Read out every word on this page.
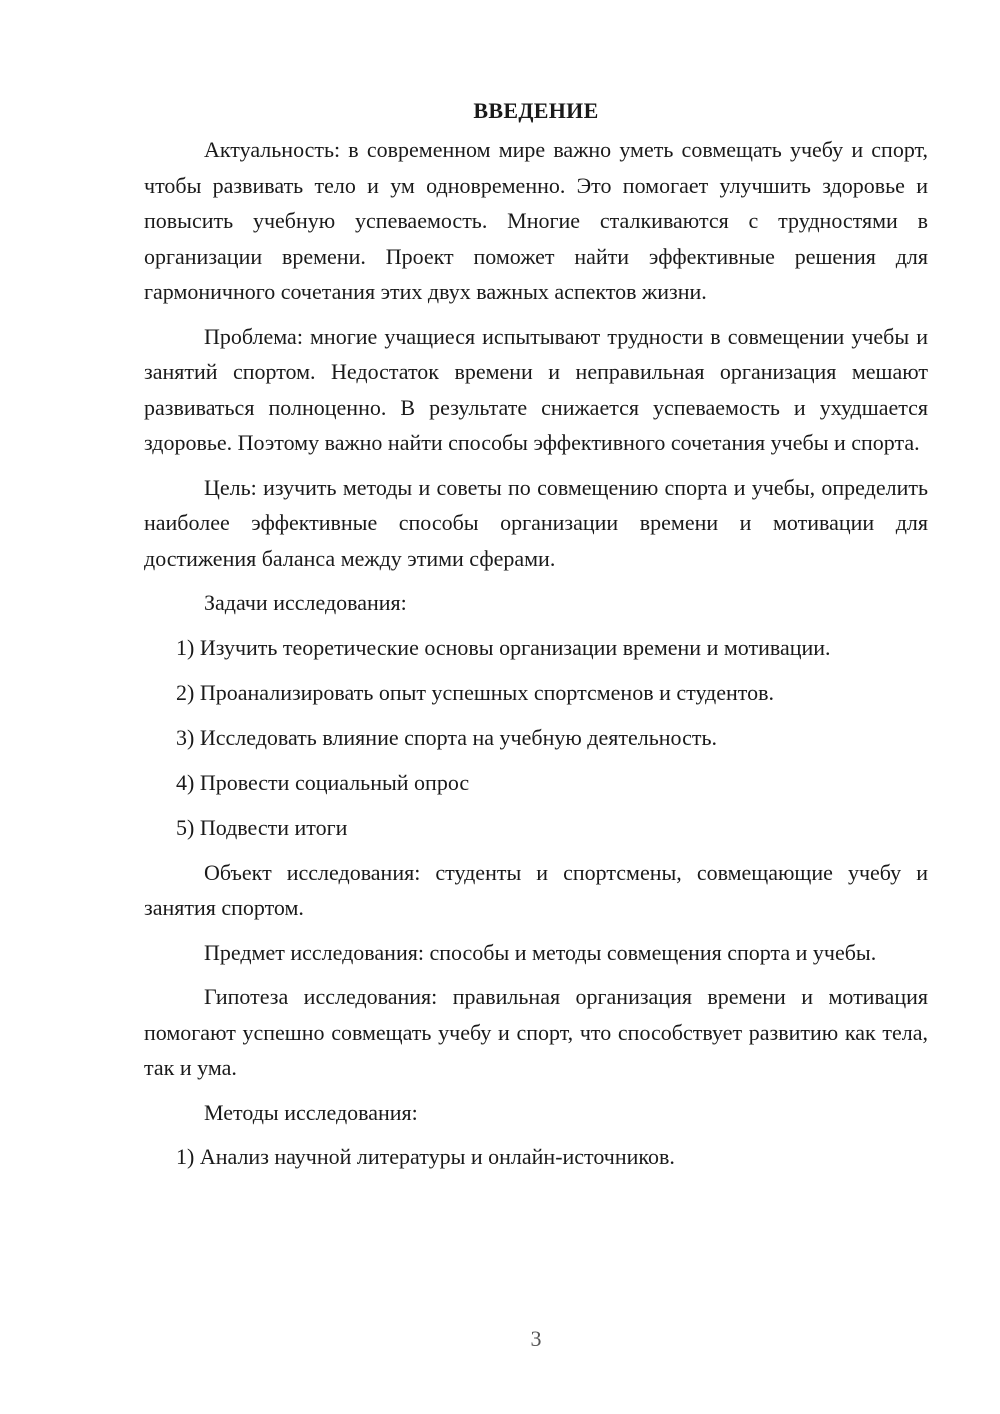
ВВЕДЕНИЕ

Актуальность: в современном мире важно уметь совмещать учебу и спорт, чтобы развивать тело и ум одновременно. Это помогает улучшить здоровье и повысить учебную успеваемость. Многие сталкиваются с трудностями в организации времени. Проект поможет найти эффективные решения для гармоничного сочетания этих двух важных аспектов жизни.

Проблема: многие учащиеся испытывают трудности в совмещении учебы и занятий спортом. Недостаток времени и неправильная организация мешают развиваться полноценно. В результате снижается успеваемость и ухудшается здоровье. Поэтому важно найти способы эффективного сочетания учебы и спорта.

Цель: изучить методы и советы по совмещению спорта и учебы, определить наиболее эффективные способы организации времени и мотивации для достижения баланса между этими сферами.

Задачи исследования:

1) Изучить теоретические основы организации времени и мотивации.
2) Проанализировать опыт успешных спортсменов и студентов.
3) Исследовать влияние спорта на учебную деятельность.
4) Провести социальный опрос
5) Подвести итоги

Объект исследования: студенты и спортсмены, совмещающие учебу и занятия спортом.

Предмет исследования: способы и методы совмещения спорта и учебы.

Гипотеза исследования: правильная организация времени и мотивация помогают успешно совмещать учебу и спорт, что способствует развитию как тела, так и ума.

Методы исследования:

1) Анализ научной литературы и онлайн-источников.
3
